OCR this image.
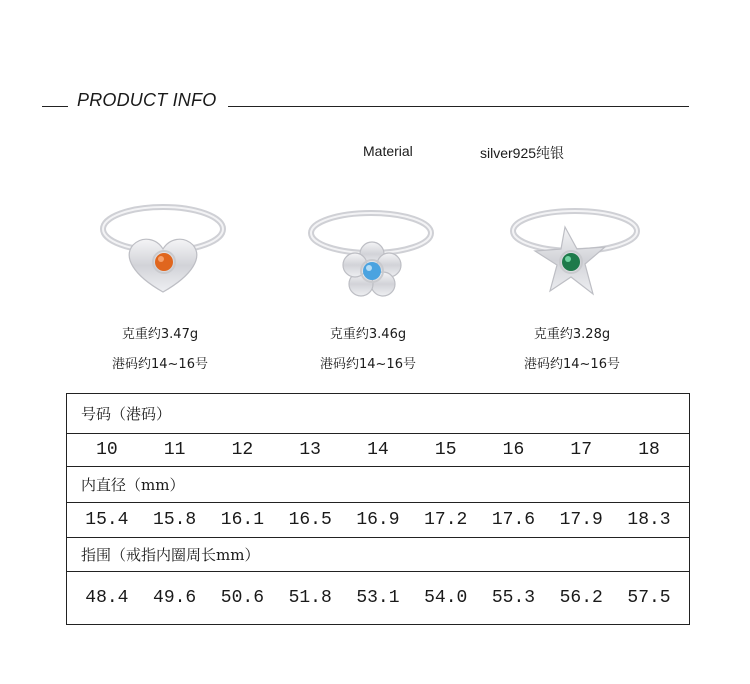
PRODUCT INFO
Material	silver925纯银
克重约3.47g
港码约14~16号
克重约3.46g
港码约14~16号
克重约3.28g
港码约14~16号
号码（港码）
10	11	12	13	14	15	16	17	18
内直径（mm）
15.4	15.8	16.1	16.5	16.9	17.2	17.6	17.9	18.3
指围（戒指内圈周长mm）
48.4	49.6	50.6	51.8	53.1	54.0	55.3	56.2	57.5
